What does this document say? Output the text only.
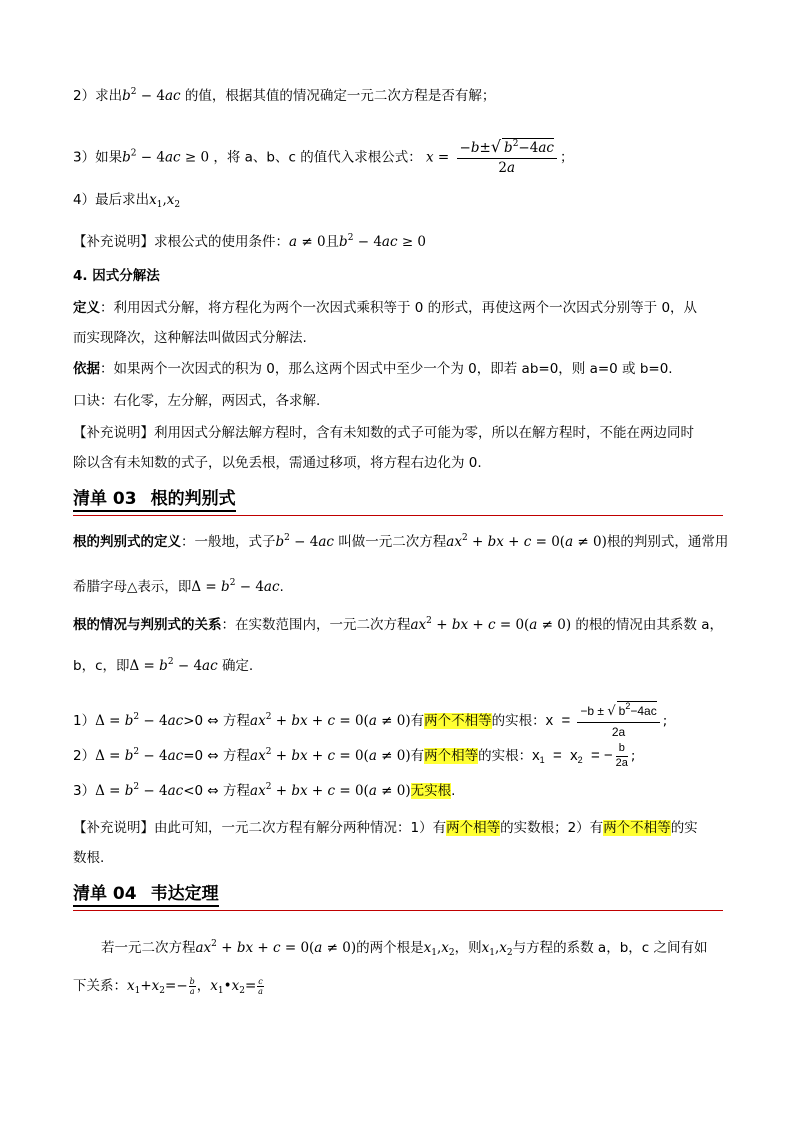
2）求出$b^2 - 4ac$ 的值，根据其值的情况确定一元二次方程是否有解；
3）如果$b^2 - 4ac \ge 0$ ，将 a、b、c 的值代入求根公式： $x = \frac{-b\pm√ b^2-4ac}{2a}$ ；
4）最后求出$x_1,x_2$
【补充说明】求根公式的使用条件：a ≠ 0且$b^2 - 4ac \ge 0$
4. 因式分解法
定义：利用因式分解，将方程化为两个一次因式乘积等于 0 的形式，再使这两个一次因式分别等于 0，从
而实现降次，这种解法叫做因式分解法.
依据：如果两个一次因式的积为 0，那么这两个因式中至少一个为 0，即若 ab=0，则 a=0 或 b=0.
口诀：右化零，左分解，两因式，各求解.
【补充说明】利用因式分解法解方程时，含有未知数的式子可能为零，所以在解方程时，不能在两边同时
除以含有未知数的式子，以免丢根，需通过移项，将方程右边化为 0.
清单 03 根的判别式
根的判别式的定义：一般地，式子$b^2 - 4ac$ 叫做一元二次方程$ax^2$ + bx + c = 0(a ≠ 0)根的判别式，通常用
希腊字母△表示，即$\Delta = b^2 - 4ac$.
根的情况与判别式的关系：在实数范围内，一元二次方程$ax^2$ + bx + c = 0(a ≠ 0) 的根的情况由其系数 a，
b，c，即$\Delta = b^2 - 4ac$ 确定.
$1)\Delta = b^2 - 4ac>0$ ⇔ 方程$ax^2$ + bx + c = 0(a ≠ 0)有两个不相等的实根：$x = \frac{-b \pm √ b^2-4ac}{2a}$ ;
$2)\Delta = b^2 - 4ac=0$ ⇔ 方程$ax^2$ + bx + c = 0(a ≠ 0)有两个相等的实根：$x_1 = x_2$  = − $\frac{b}{2a}$ ;
$3)\Delta = b^2 - 4ac<0$ ⇔ 方程$ax^2$ + bx + c = 0(a ≠ 0)无实根.
【补充说明】由此可知，一元二次方程有解分两种情况：1）有两个相等的实数根；2）有两个不相等的实
数根.
清单 04 韦达定理
若一元二次方程$ax^2$ + bx + c = 0(a ≠ 0)的两个根是$x_1,x_2$，则$x_1,x_2$与方程的系数 a，b，c 之间有如
下关系：$x_1+x_2=- \frac{b}{a}$ ，$x_1•x_2= \frac{c}{a}$
